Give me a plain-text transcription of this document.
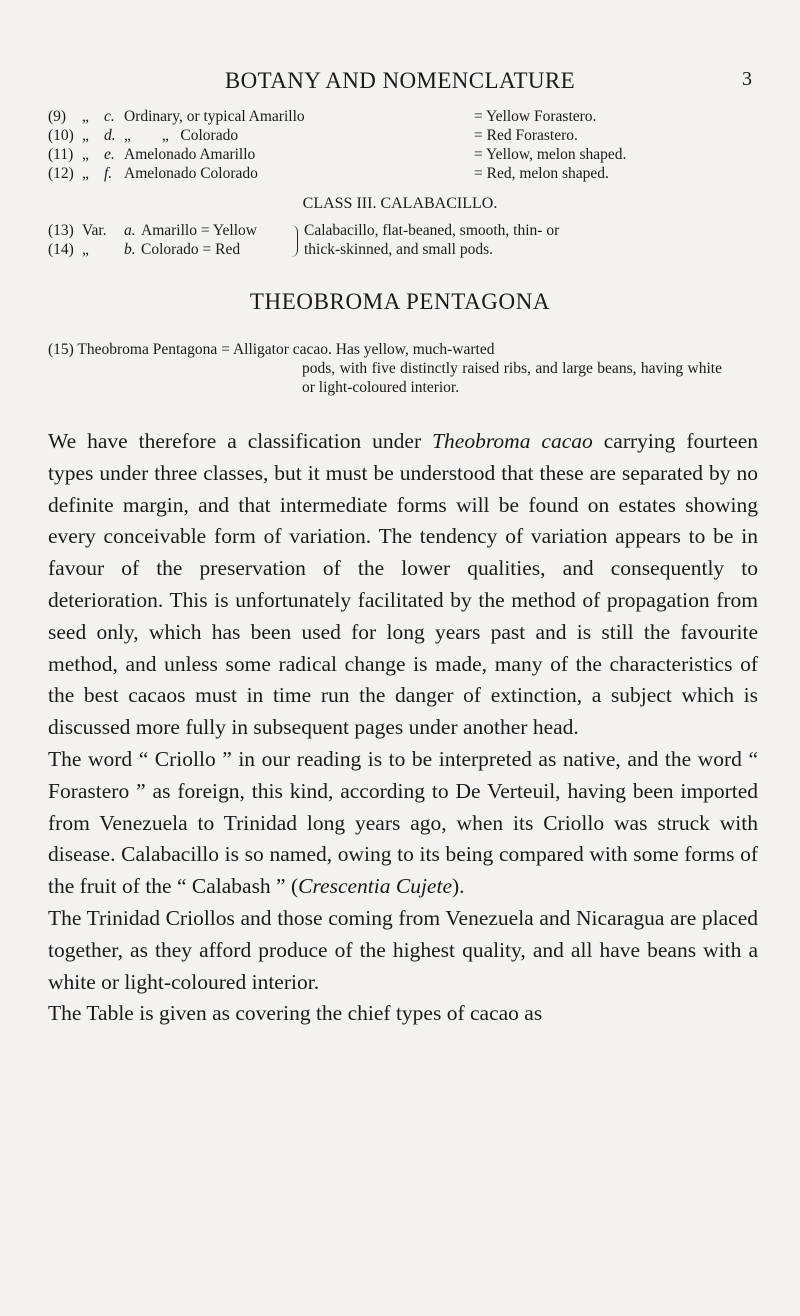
BOTANY AND NOMENCLATURE	3
(9) „ c. Ordinary, or typical Amarillo	= Yellow Forastero.
(10) „ d. „        „   Colorado	= Red Forastero.
(11) „ e. Amelonado Amarillo	= Yellow, melon shaped.
(12) „ f. Amelonado Colorado	= Red, melon shaped.
CLASS III. CALABACILLO.
(13) Var. a. Amarillo = Yellow	Calabacillo, flat-beaned, smooth, thin- or
(14) „ b. Colorado = Red	thick-skinned, and small pods.
THEOBROMA PENTAGONA
(15) Theobroma Pentagona = Alligator cacao. Has yellow, much-warted
pods, with five distinctly raised ribs, and large beans, having white or light-coloured interior.

We have therefore a classification under Theobroma cacao carrying fourteen types under three classes, but it must be understood that these are separated by no definite margin, and that intermediate forms will be found on estates showing every conceivable form of variation. The tendency of variation appears to be in favour of the preservation of the lower qualities, and consequently to deterioration. This is unfortunately facilitated by the method of propagation from seed only, which has been used for long years past and is still the favourite method, and unless some radical change is made, many of the characteristics of the best cacaos must in time run the danger of extinction, a subject which is discussed more fully in subsequent pages under another head.

The word “ Criollo ” in our reading is to be interpreted as native, and the word “ Forastero ” as foreign, this kind, according to De Verteuil, having been imported from Venezuela to Trinidad long years ago, when its Criollo was struck with disease. Calabacillo is so named, owing to its being compared with some forms of the fruit of the “ Calabash ” (Crescentia Cujete).

The Trinidad Criollos and those coming from Venezuela and Nicaragua are placed together, as they afford produce of the highest quality, and all have beans with a white or light-coloured interior.

The Table is given as covering the chief types of cacao as
